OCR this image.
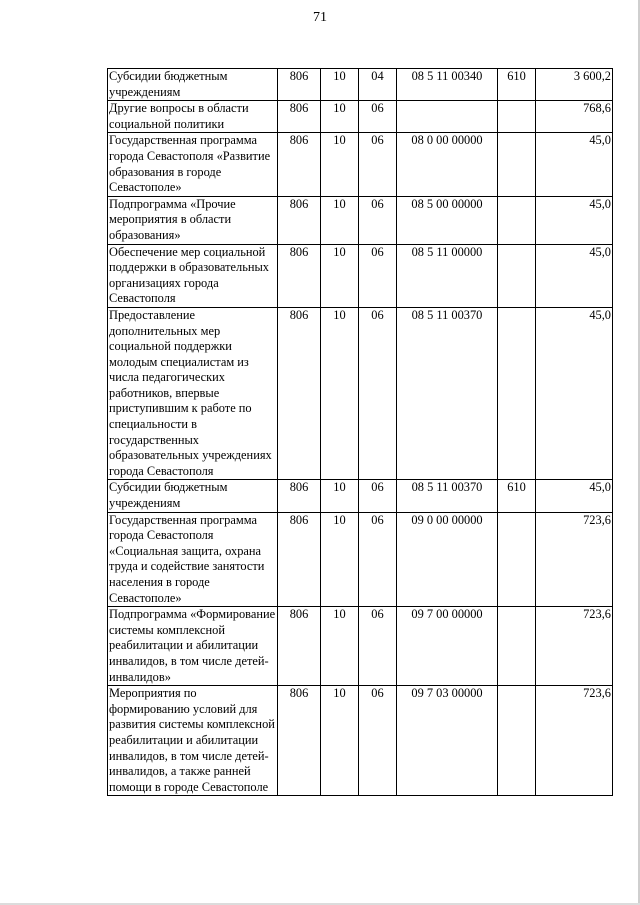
71
Субсидии бюджетным учреждениям	806	10	04	08 5 11 00340	610	3 600,2
Другие вопросы в области социальной политики	806	10	06			768,6
Государственная программа города Севастополя «Развитие образования в городе Севастополе»	806	10	06	08 0 00 00000		45,0
Подпрограмма «Прочие мероприятия в области образования»	806	10	06	08 5 00 00000		45,0
Обеспечение мер социальной поддержки в образовательных организациях города Севастополя	806	10	06	08 5 11 00000		45,0
Предоставление дополнительных мер социальной поддержки молодым специалистам из числа педагогических работников, впервые приступившим к работе по специальности в государственных образовательных учреждениях города Севастополя	806	10	06	08 5 11 00370		45,0
Субсидии бюджетным учреждениям	806	10	06	08 5 11 00370	610	45,0
Государственная программа города Севастополя «Социальная защита, охрана труда и содействие занятости населения в городе Севастополе»	806	10	06	09 0 00 00000		723,6
Подпрограмма «Формирование системы комплексной реабилитации и абилитации инвалидов, в том числе детей-инвалидов»	806	10	06	09 7 00 00000		723,6
Мероприятия по формированию условий для развития системы комплексной реабилитации и абилитации инвалидов, в том числе детей-инвалидов, а также ранней помощи в городе Севастополе	806	10	06	09 7 03 00000		723,6
